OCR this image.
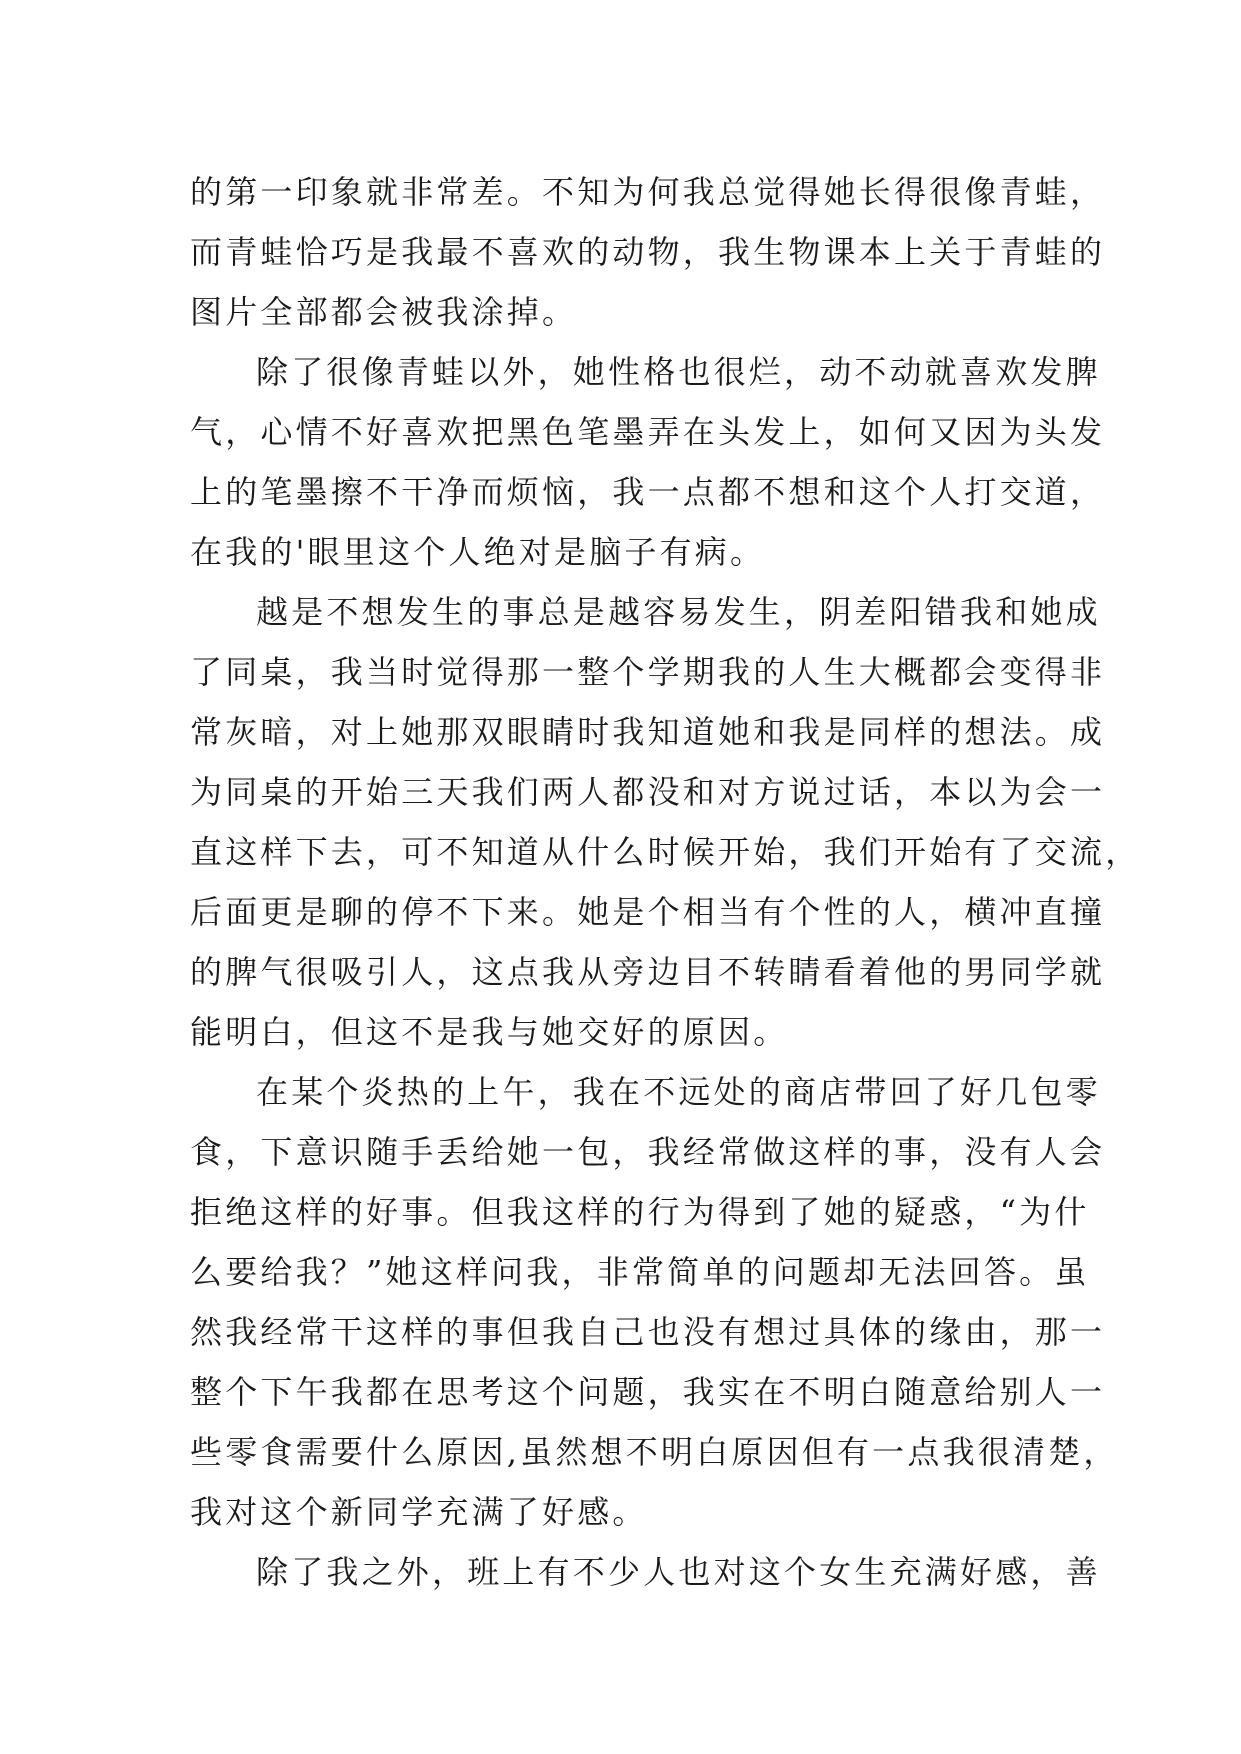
的第一印象就非常差。不知为何我总觉得她长得很像青蛙，
而青蛙恰巧是我最不喜欢的动物，我生物课本上关于青蛙的
图片全部都会被我涂掉。
除了很像青蛙以外，她性格也很烂，动不动就喜欢发脾
气，心情不好喜欢把黑色笔墨弄在头发上，如何又因为头发
上的笔墨擦不干净而烦恼，我一点都不想和这个人打交道，
在我的'眼里这个人绝对是脑子有病。
越是不想发生的事总是越容易发生，阴差阳错我和她成
了同桌，我当时觉得那一整个学期我的人生大概都会变得非
常灰暗，对上她那双眼睛时我知道她和我是同样的想法。成
为同桌的开始三天我们两人都没和对方说过话，本以为会一
直这样下去，可不知道从什么时候开始，我们开始有了交流，
后面更是聊的停不下来。她是个相当有个性的人，横冲直撞
的脾气很吸引人，这点我从旁边目不转睛看着他的男同学就
能明白，但这不是我与她交好的原因。
在某个炎热的上午，我在不远处的商店带回了好几包零
食，下意识随手丢给她一包，我经常做这样的事，没有人会
拒绝这样的好事。但我这样的行为得到了她的疑惑，“为什
么要给我？”她这样问我，非常简单的问题却无法回答。虽
然我经常干这样的事但我自己也没有想过具体的缘由，那一
整个下午我都在思考这个问题，我实在不明白随意给别人一
些零食需要什么原因,虽然想不明白原因但有一点我很清楚，
我对这个新同学充满了好感。
除了我之外，班上有不少人也对这个女生充满好感，善
